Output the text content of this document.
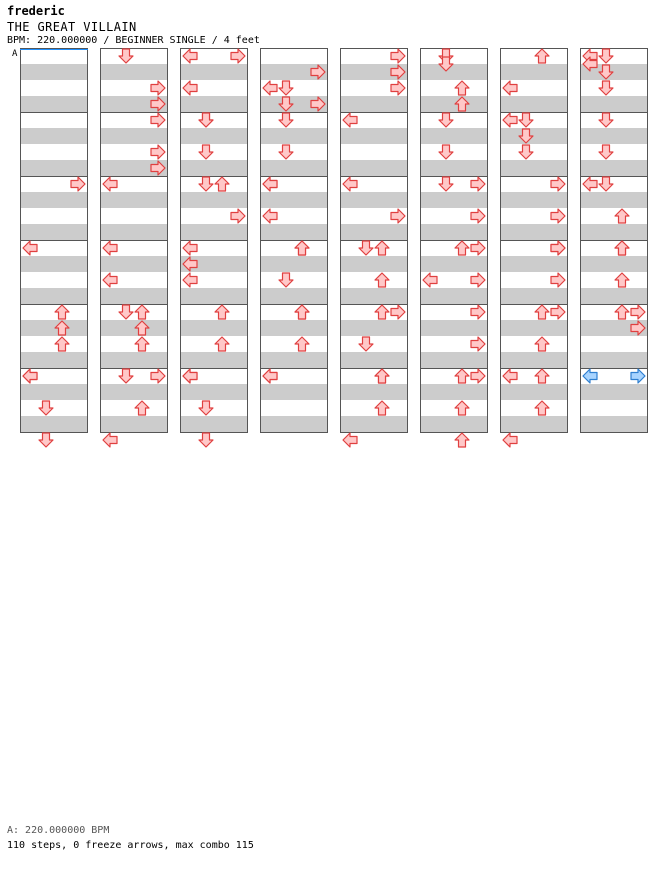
frederic
THE GREAT VILLAIN
BPM: 220.000000 / BEGINNER SINGLE / 4 feet
A
A: 220.000000 BPM
110 steps, 0 freeze arrows, max combo 115
